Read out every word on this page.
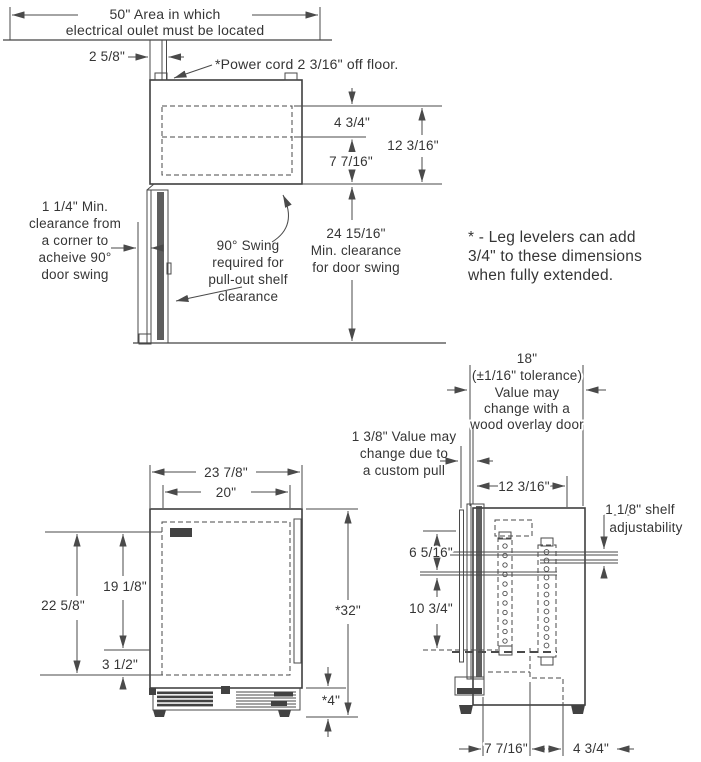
50" Area in which
electrical oulet must be located
2 5/8"	*Power cord 2 3/16" off floor.
4 3/4"
7 7/16"
12 3/16"
1 1/4" Min.
clearance from
a corner to
acheive 90°
door swing
90° Swing
required for
pull-out shelf
clearance
24 15/16"
Min. clearance
for door swing
* - Leg levelers can add
3/4" to these dimensions
when fully extended.
23 7/8"
20"
22 5/8"
19 1/8"
3 1/2"
*4"
*32"
18"
(±1/16" tolerance)
Value may
change with a
wood overlay door
1 3/8" Value may
change due to
a custom pull
12 3/16"
1 1/8" shelf
adjustability
6 5/16"
10 3/4"
7 7/16"	4 3/4"
